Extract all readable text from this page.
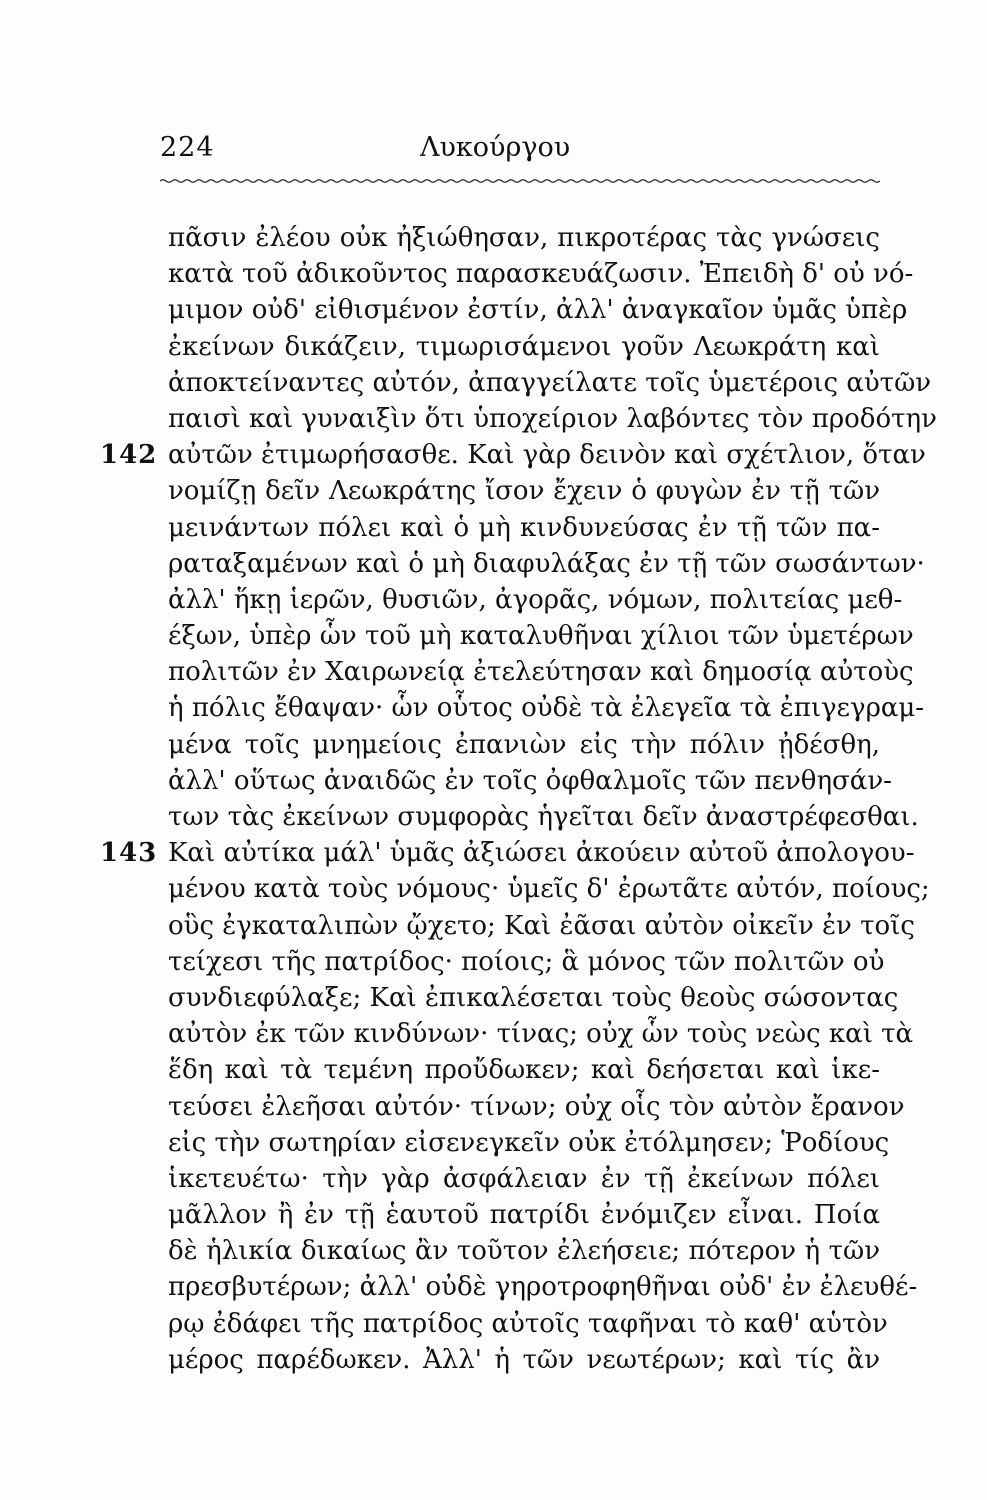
224	Λυκούργου
πᾶσιν ἐλέου οὐκ ἠξιώθησαν, πικροτέρας τὰς γνώσεις
κατὰ τοῦ ἀδικοῦντος παρασκευάζωσιν. Ἐπειδὴ δ' οὐ νό-
μιμον οὐδ' εἰθισμένον ἐστίν, ἀλλ' ἀναγκαῖον ὑμᾶς ὑπὲρ
ἐκείνων δικάζειν, τιμωρισάμενοι γοῦν Λεωκράτη καὶ
ἀποκτείναντες αὐτόν, ἀπαγγείλατε τοῖς ὑμετέροις αὐτῶν
παισὶ καὶ γυναιξὶν ὅτι ὑποχείριον λαβόντες τὸν προδότην
142 αὐτῶν ἐτιμωρήσασθε. Καὶ γὰρ δεινὸν καὶ σχέτλιον, ὅταν
νομίζῃ δεῖν Λεωκράτης ἴσον ἔχειν ὁ φυγὼν ἐν τῇ τῶν
μεινάντων πόλει καὶ ὁ μὴ κινδυνεύσας ἐν τῇ τῶν πα-
ραταξαμένων καὶ ὁ μὴ διαφυλάξας ἐν τῇ τῶν σωσάντων·
ἀλλ' ἥκῃ ἱερῶν, θυσιῶν, ἀγορᾶς, νόμων, πολιτείας μεθ-
έξων, ὑπὲρ ὧν τοῦ μὴ καταλυθῆναι χίλιοι τῶν ὑμετέρων
πολιτῶν ἐν Χαιρωνείᾳ ἐτελεύτησαν καὶ δημοσίᾳ αὐτοὺς
ἡ πόλις ἔθαψαν· ὧν οὗτος οὐδὲ τὰ ἐλεγεῖα τὰ ἐπιγεγραμ-
μένα τοῖς μνημείοις ἐπανιὼν εἰς τὴν πόλιν ᾐδέσθη,
ἀλλ' οὕτως ἀναιδῶς ἐν τοῖς ὀφθαλμοῖς τῶν πενθησάν-
των τὰς ἐκείνων συμφορὰς ἡγεῖται δεῖν ἀναστρέφεσθαι.
143 Καὶ αὐτίκα μάλ' ὑμᾶς ἀξιώσει ἀκούειν αὐτοῦ ἀπολογου-
μένου κατὰ τοὺς νόμους· ὑμεῖς δ' ἐρωτᾶτε αὐτόν, ποίους;
οὓς ἐγκαταλιπὼν ᾤχετο; Καὶ ἐᾶσαι αὐτὸν οἰκεῖν ἐν τοῖς
τείχεσι τῆς πατρίδος· ποίοις; ἃ μόνος τῶν πολιτῶν οὐ
συνδιεφύλαξε; Καὶ ἐπικαλέσεται τοὺς θεοὺς σώσοντας
αὐτὸν ἐκ τῶν κινδύνων· τίνας; οὐχ ὧν τοὺς νεὼς καὶ τὰ
ἕδη καὶ τὰ τεμένη προὔδωκεν; καὶ δεήσεται καὶ ἱκε-
τεύσει ἐλεῆσαι αὐτόν· τίνων; οὐχ οἷς τὸν αὐτὸν ἔρανον
εἰς τὴν σωτηρίαν εἰσενεγκεῖν οὐκ ἐτόλμησεν; Ῥοδίους
ἱκετευέτω· τὴν γὰρ ἀσφάλειαν ἐν τῇ ἐκείνων πόλει
μᾶλλον ἢ ἐν τῇ ἑαυτοῦ πατρίδι ἐνόμιζεν εἶναι. Ποία
δὲ ἡλικία δικαίως ἂν τοῦτον ἐλεήσειε; πότερον ἡ τῶν
πρεσβυτέρων; ἀλλ' οὐδὲ γηροτροφηθῆναι οὐδ' ἐν ἐλευθέ-
ρῳ ἐδάφει τῆς πατρίδος αὐτοῖς ταφῆναι τὸ καθ' αὑτὸν
μέρος παρέδωκεν. Ἀλλ' ἡ τῶν νεωτέρων; καὶ τίς ἂν
